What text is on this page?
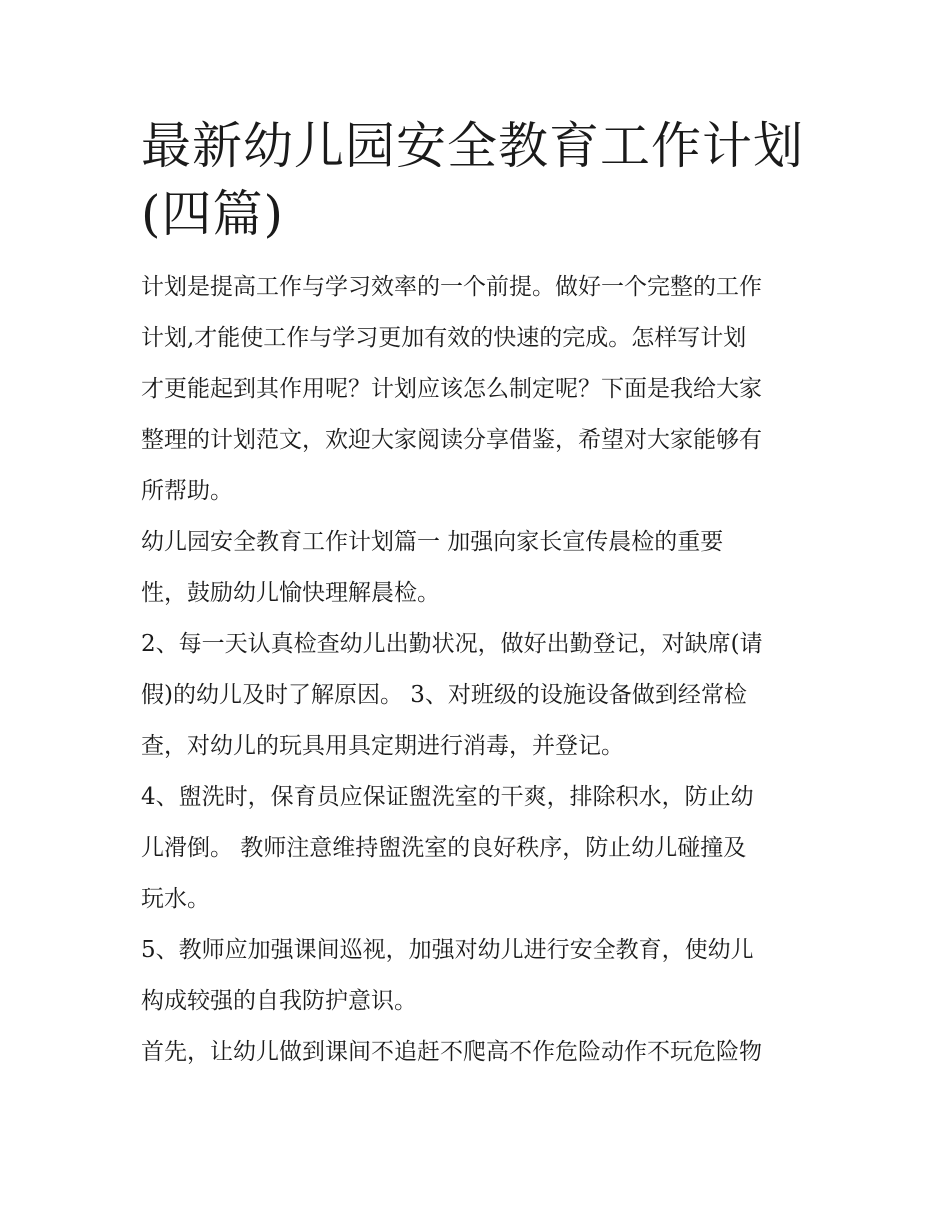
最新幼儿园安全教育工作计划
(四篇)
计划是提高工作与学习效率的一个前提。做好一个完整的工作
计划,才能使工作与学习更加有效的快速的完成。怎样写计划
才更能起到其作用呢？计划应该怎么制定呢？下面是我给大家
整理的计划范文，欢迎大家阅读分享借鉴，希望对大家能够有
所帮助。
幼儿园安全教育工作计划篇一 加强向家长宣传晨检的重要
性，鼓励幼儿愉快理解晨检。
2、每一天认真检查幼儿出勤状况，做好出勤登记，对缺席(请
假)的幼儿及时了解原因。 3、对班级的设施设备做到经常检
查，对幼儿的玩具用具定期进行消毒，并登记。
4、盥洗时，保育员应保证盥洗室的干爽，排除积水，防止幼
儿滑倒。 教师注意维持盥洗室的良好秩序，防止幼儿碰撞及
玩水。
5、教师应加强课间巡视，加强对幼儿进行安全教育，使幼儿
构成较强的自我防护意识。
首先，让幼儿做到课间不追赶不爬高不作危险动作不玩危险物
